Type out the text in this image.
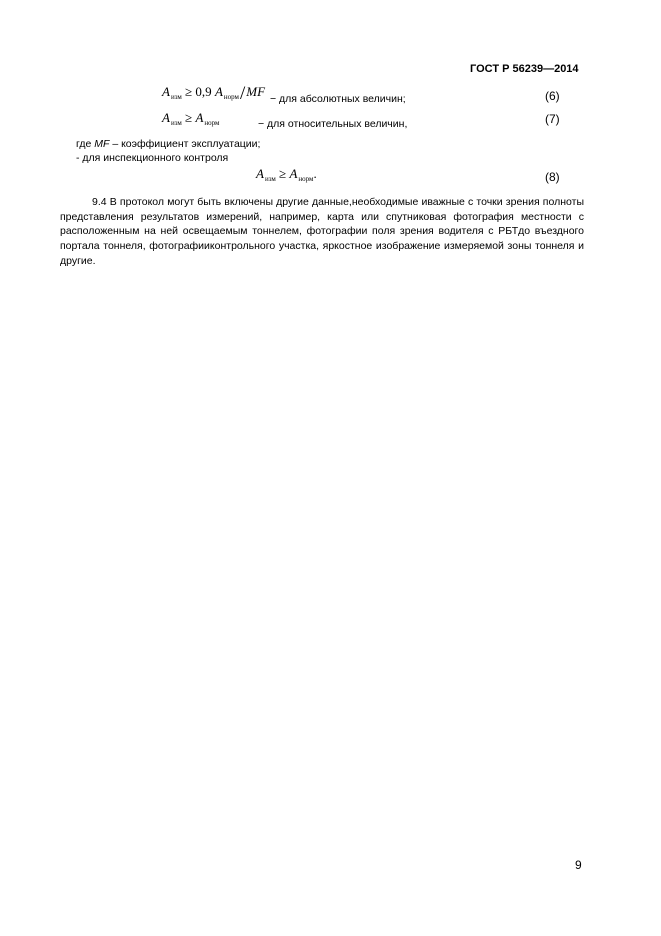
ГОСТ Р 56239—2014
$A_{изм} \ge 0,9$ $A_{норм}/MF$ − для абсолютных величин;	(6)
$A_{изм} \ge A_{норм}$	− для относительных величин,	(7)
где MF – коэффициент эксплуатации;
- для инспекционного контроля
$A_{изм} \ge A_{норм}$.	(8)

9.4 В протокол могут быть включены другие данные,необходимые иважные с точки зрения полноты представления результатов измерений, например, карта или спутниковая фотография местности с расположенным на ней освещаемым тоннелем, фотографии поля зрения водителя с РБТдо въездного портала тоннеля, фотографииконтрольного участка, яркостное изображение измеряемой зоны тоннеля и другие.

9
